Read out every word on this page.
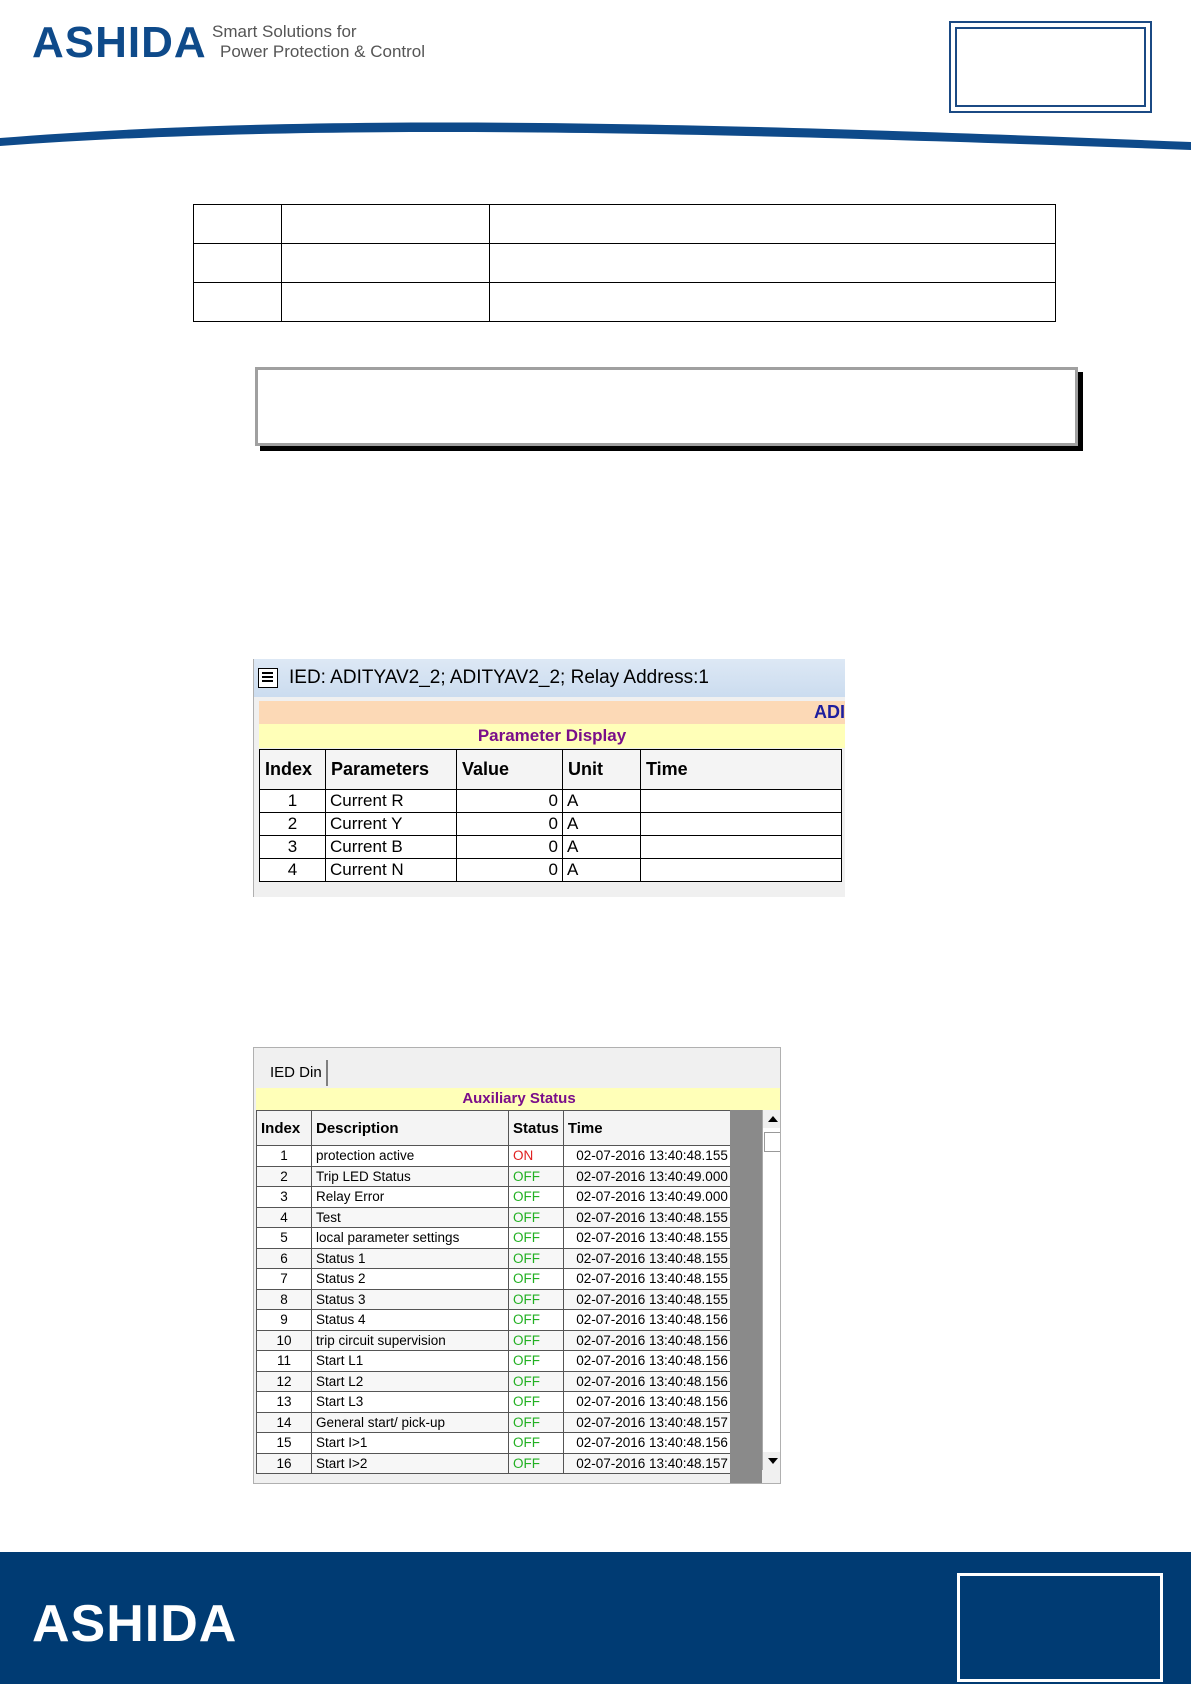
ASHIDA Smart Solutions for
Power Protection & Control

IED: ADITYAV2_2; ADITYAV2_2; Relay Address:1
ADI
Parameter Display
Index	Parameters	Value	Unit	Time
1	Current R	0	A	
2	Current Y	0	A	
3	Current B	0	A	
4	Current N	0	A	
IED Din
Auxiliary Status
Index	Description	Status	Time
1	protection active	ON	02-07-2016 13:40:48.155
2	Trip LED Status	OFF	02-07-2016 13:40:49.000
3	Relay Error	OFF	02-07-2016 13:40:49.000
4	Test	OFF	02-07-2016 13:40:48.155
5	local parameter settings	OFF	02-07-2016 13:40:48.155
6	Status 1	OFF	02-07-2016 13:40:48.155
7	Status 2	OFF	02-07-2016 13:40:48.155
8	Status 3	OFF	02-07-2016 13:40:48.155
9	Status 4	OFF	02-07-2016 13:40:48.156
10	trip circuit supervision	OFF	02-07-2016 13:40:48.156
11	Start L1	OFF	02-07-2016 13:40:48.156
12	Start L2	OFF	02-07-2016 13:40:48.156
13	Start L3	OFF	02-07-2016 13:40:48.156
14	General start/ pick-up	OFF	02-07-2016 13:40:48.157
15	Start I>1	OFF	02-07-2016 13:40:48.156
16	Start I>2	OFF	02-07-2016 13:40:48.157
ASHIDA
